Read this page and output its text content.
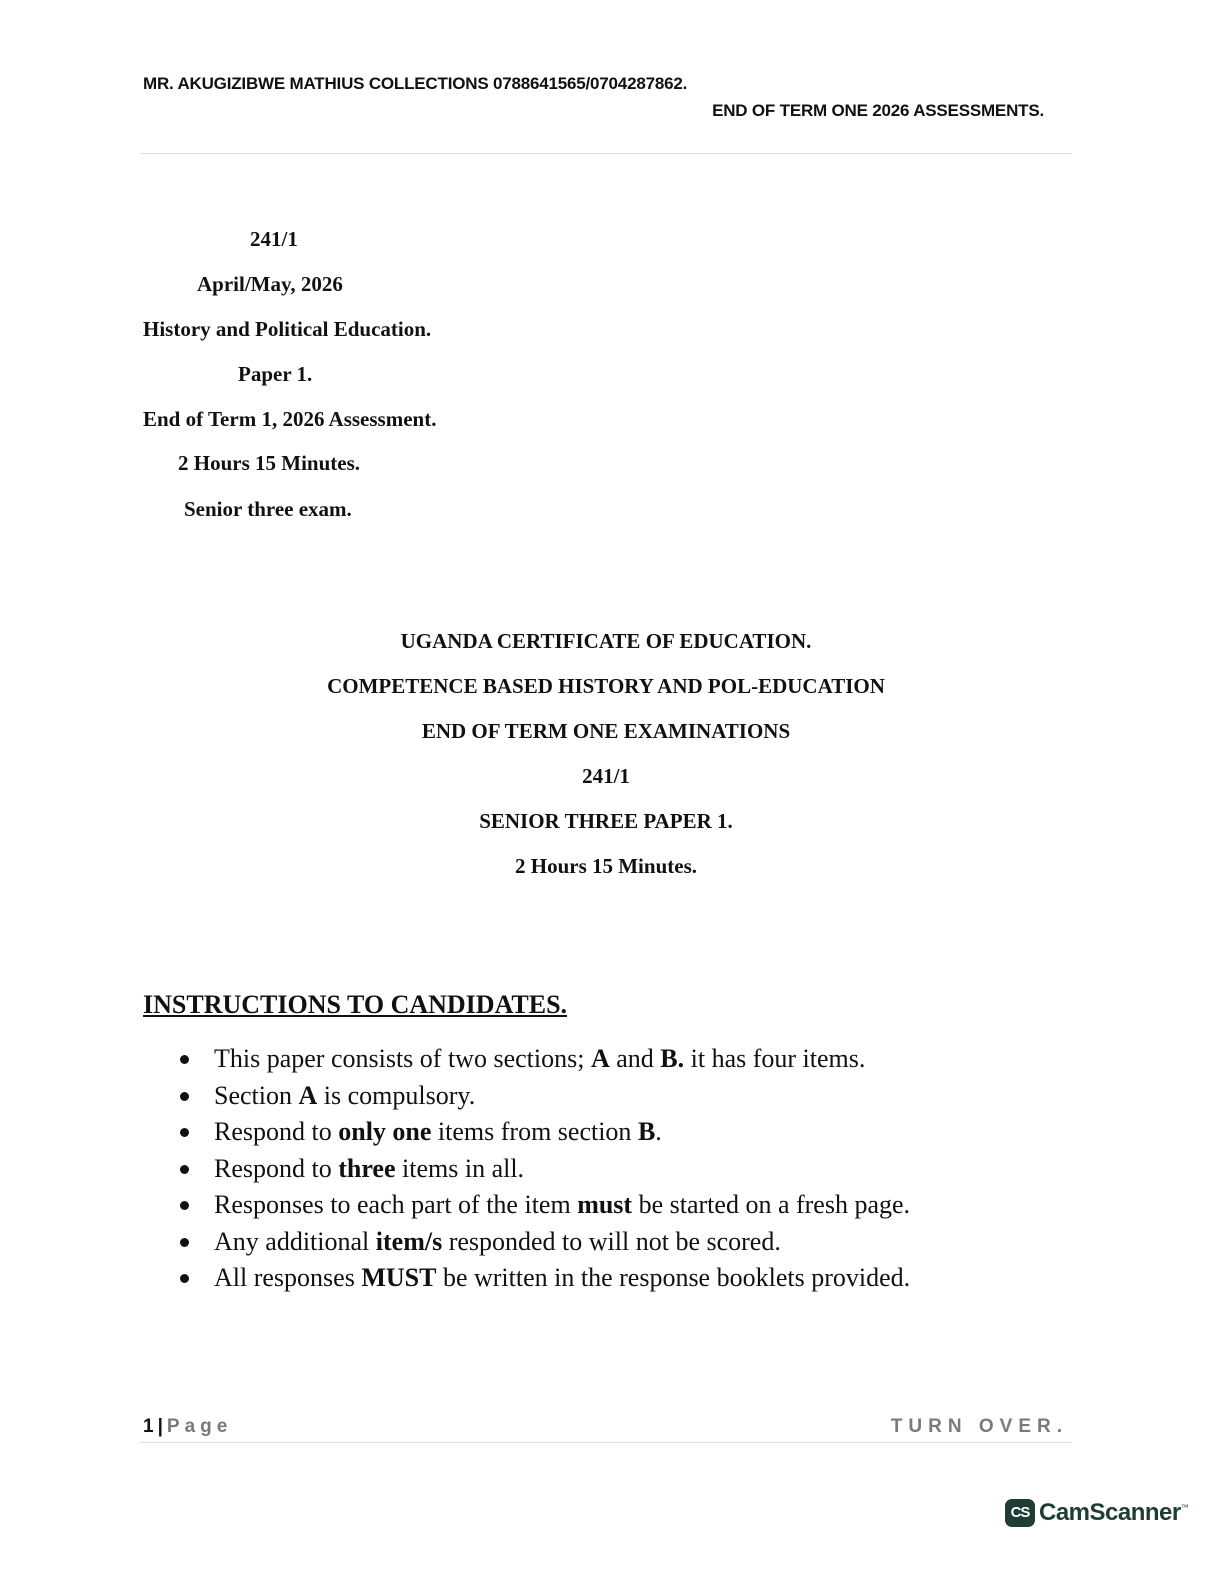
MR. AKUGIZIBWE MATHIUS COLLECTIONS 0788641565/0704287862.
END OF TERM ONE 2026 ASSESSMENTS.
241/1
April/May, 2026
History and Political Education.
Paper 1.
End of Term 1, 2026 Assessment.
2 Hours 15 Minutes.
Senior three exam.
UGANDA CERTIFICATE OF EDUCATION.
COMPETENCE BASED HISTORY AND POL-EDUCATION
END OF TERM ONE EXAMINATIONS
241/1
SENIOR THREE PAPER 1.
2 Hours 15 Minutes.
INSTRUCTIONS TO CANDIDATES.
This paper consists of two sections; A and B. it has four items.
Section A is compulsory.
Respond to only one items from section B.
Respond to three items in all.
Responses to each part of the item must be started on a fresh page.
Any additional item/s responded to will not be scored.
All responses MUST be written in the response booklets provided.
1 | Page	TURN OVER.
CS CamScanner ™
